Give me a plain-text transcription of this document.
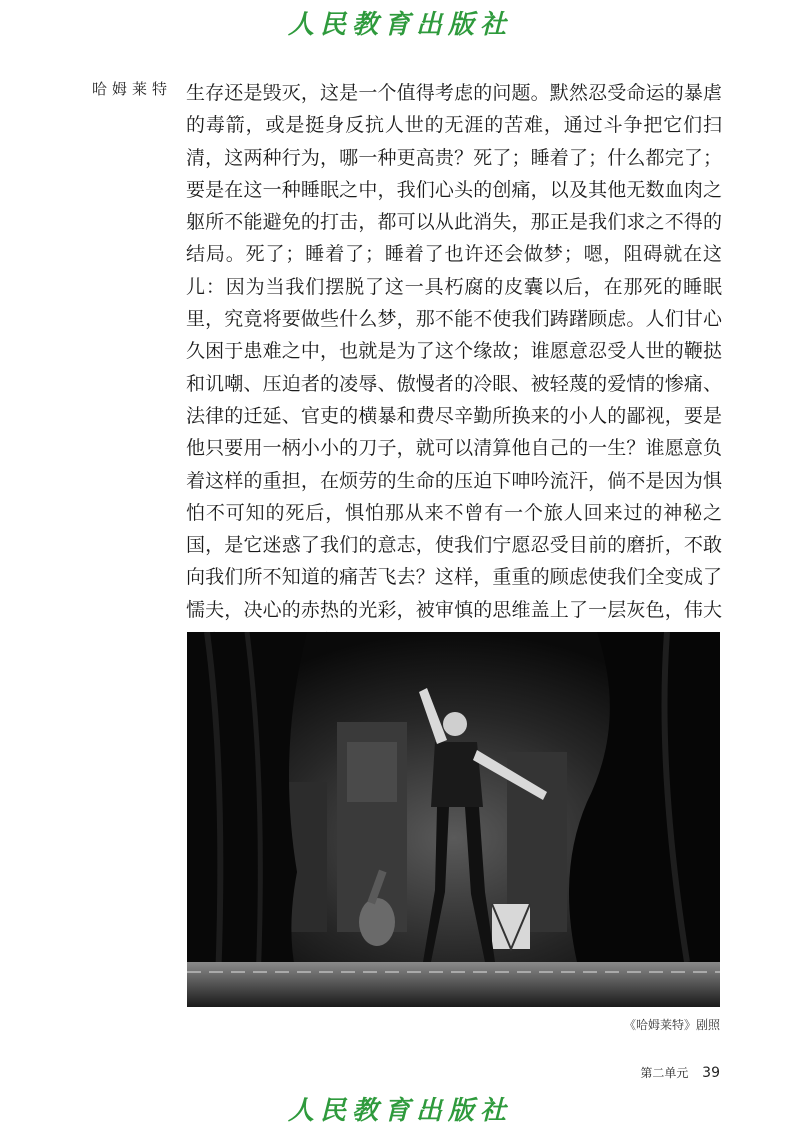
人民教育出版社
哈姆莱特 生存还是毁灭，这是一个值得考虑的问题。默然忍受命运的暴虐的毒箭，或是挺身反抗人世的无涯的苦难，通过斗争把它们扫清，这两种行为，哪一种更高贵？死了；睡着了；什么都完了；要是在这一种睡眠之中，我们心头的创痛，以及其他无数血肉之躯所不能避免的打击，都可以从此消失，那正是我们求之不得的结局。死了；睡着了；睡着了也许还会做梦；嗯，阻碍就在这儿：因为当我们摆脱了这一具朽腐的皮囊以后，在那死的睡眠里，究竟将要做些什么梦，那不能不使我们踌躇顾虑。人们甘心久困于患难之中，也就是为了这个缘故；谁愿意忍受人世的鞭挞和讥嘲、压迫者的凌辱、傲慢者的冷眼、被轻蔑的爱情的惨痛、法律的迁延、官吏的横暴和费尽辛勤所换来的小人的鄙视，要是他只要用一柄小小的刀子，就可以清算他自己的一生？谁愿意负着这样的重担，在烦劳的生命的压迫下呻吟流汗，倘不是因为惧怕不可知的死后，惧怕那从来不曾有一个旅人回来过的神秘之国，是它迷惑了我们的意志，使我们宁愿忍受目前的磨折，不敢向我们所不知道的痛苦飞去？这样，重重的顾虑使我们全变成了懦夫，决心的赤热的光彩，被审慎的思维盖上了一层灰色，伟大
《哈姆莱特》剧照
第二单元 39
人民教育出版社
